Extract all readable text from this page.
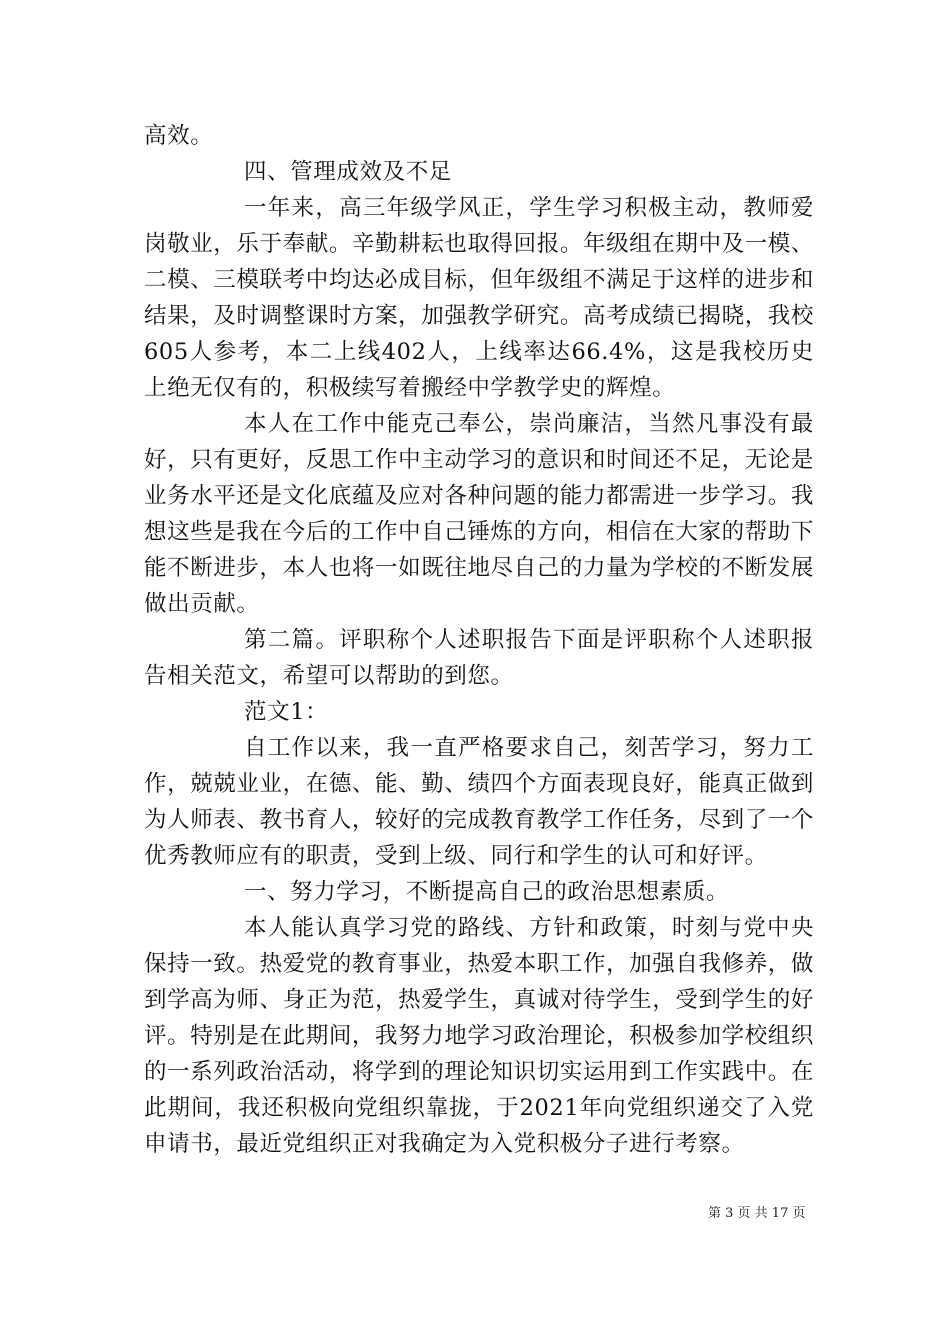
高效。

四、管理成效及不足

一年来，高三年级学风正，学生学习积极主动，教师爱岗敬业，乐于奉献。辛勤耕耘也取得回报。年级组在期中及一模、二模、三模联考中均达必成目标，但年级组不满足于这样的进步和结果，及时调整课时方案，加强教学研究。高考成绩已揭晓，我校605人参考，本二上线402人，上线率达66.4%，这是我校历史上绝无仅有的，积极续写着搬经中学教学史的辉煌。

本人在工作中能克己奉公，崇尚廉洁，当然凡事没有最好，只有更好，反思工作中主动学习的意识和时间还不足，无论是业务水平还是文化底蕴及应对各种问题的能力都需进一步学习。我想这些是我在今后的工作中自己锤炼的方向，相信在大家的帮助下能不断进步，本人也将一如既往地尽自己的力量为学校的不断发展做出贡献。

第二篇。评职称个人述职报告下面是评职称个人述职报告相关范文，希望可以帮助的到您。

范文1：

自工作以来，我一直严格要求自己，刻苦学习，努力工作，兢兢业业，在德、能、勤、绩四个方面表现良好，能真正做到为人师表、教书育人，较好的完成教育教学工作任务，尽到了一个优秀教师应有的职责，受到上级、同行和学生的认可和好评。

一、努力学习，不断提高自己的政治思想素质。

本人能认真学习党的路线、方针和政策，时刻与党中央保持一致。热爱党的教育事业，热爱本职工作，加强自我修养，做到学高为师、身正为范，热爱学生，真诚对待学生，受到学生的好评。特别是在此期间，我努力地学习政治理论，积极参加学校组织的一系列政治活动，将学到的理论知识切实运用到工作实践中。在此期间，我还积极向党组织靠拢，于2021年向党组织递交了入党申请书，最近党组织正对我确定为入党积极分子进行考察。

第 3 页 共 17 页
